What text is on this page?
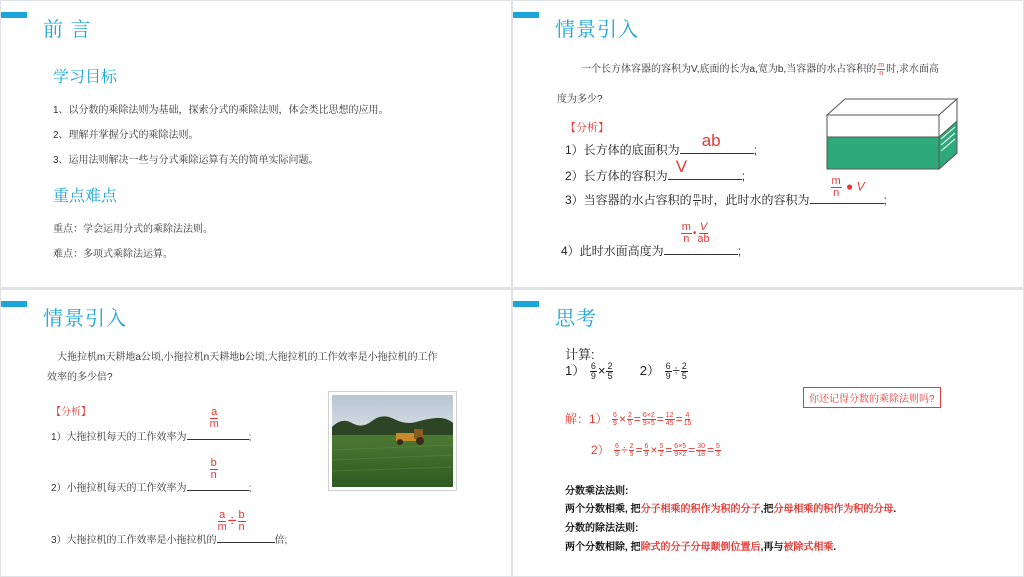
前 言
学习目标
1、以分数的乘除法则为基础，探索分式的乘除法则，体会类比思想的应用。
2、理解并掌握分式的乘除法则。
3、运用法则解决一些与分式乘除运算有关的简单实际问题。
重点难点
重点：学会运用分式的乘除法法则。
难点：多项式乘除法运算。
情景引入
一个长方体容器的容积为V,底面的长为a,宽为b,当容器的水占容积的 $\frac{m}{n}$ 时,求水面高
度为多少?
【分析】
1）长方体的底面积为 ab	;
2）长方体的容积为 V	;
3）当容器的水占容积的 $\frac{m}{n}$ 时，此时水的容积为
$\frac{m}{n}$ ● V
;
4）此时水面高度为
$\frac{m}{n}$ • $\frac{V}{ab}$
;
情景引入
大拖拉机m天耕地a公顷,小拖拉机n天耕地b公顷,大拖拉机的工作效率是小拖拉机的工作
效率的多少倍?
【分析】
1）大拖拉机每天的工作效率为
$\frac{a}{m}$
;
2）小拖拉机每天的工作效率为
$\frac{b}{n}$
;
3）大拖拉机的工作效率是小拖拉机的
$\frac{a}{m} \div \frac{b}{n}$
倍;
思考
计算:
$1) \frac{6}{9} \times \frac{2}{5} 2) \frac{6}{9} \div \frac{2}{5}$
你还记得分数的乘除法则吗?
解：$1) \frac{6}{9} \times \frac{2}{5} = \frac{6\times 2}{9\times 5} = \frac{12}{45} = \frac{4}{15}$
$2) \frac{6}{9} \div \frac{2}{5} = \frac{6}{9} \times \frac{5}{2} = \frac{6\times 5}{9\times 2} = \frac{30}{18} = \frac{5}{3}$
分数乘法法则:
两个分数相乘, 把分子相乘的积作为积的分子,把分母相乘的积作为积的分母.
分数的除法法则:
两个分数相除, 把除式的分子分母颠倒位置后,再与被除式相乘.
